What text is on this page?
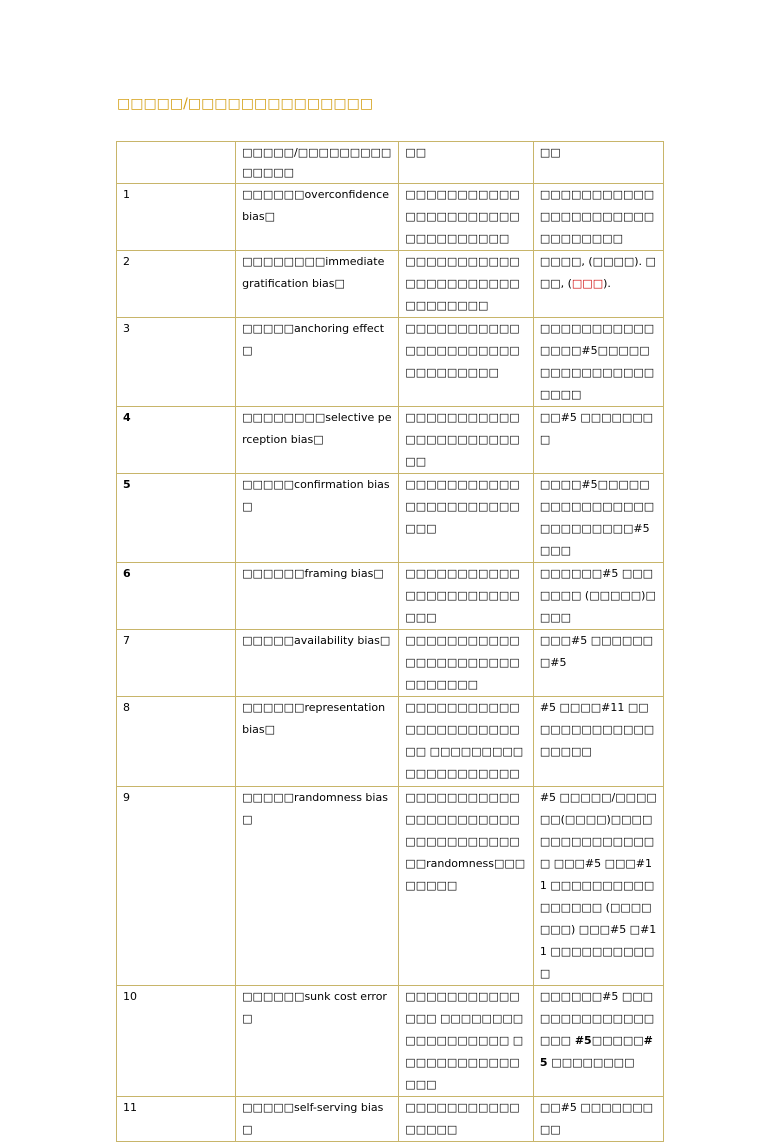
□□□□□/□□□□□□□□□□□□□□
	□□□□□/□□□□□□□□□□□□□□	□□	□□
1	□□□□□□overconfidence bias□	□□□□□□□□□□□□□□□□□□□□□□□□□□□□□□□□	□□□□□□□□□□□□□□□□□□□□□□□□□□□□□□
2	□□□□□□□□immediate gratification bias□	□□□□□□□□□□□□□□□□□□□□□□□□□□□□□□	□□□□, (□□□□). □□□, (□□□).
3	□□□□□anchoring effect□	□□□□□□□□□□□□□□□□□□□□□□□□□□□□□□□	□□□□□□□□□□□□□□□#5□□□□□□□□□□□□□□□□□□□□
4	□□□□□□□□selective perception bias□	□□□□□□□□□□□□□□□□□□□□□□□□	□□#5 □□□□□□□□
5	□□□□□confirmation bias□	□□□□□□□□□□□□□□□□□□□□□□□□□	□□□□#5□□□□□□□□□□□□□□□□□□□□□□□□□#5 □□□
6	□□□□□□framing bias□	□□□□□□□□□□□□□□□□□□□□□□□□□	□□□□□□#5 □□□□□□□ (□□□□□)□□□□
7	□□□□□availability bias□	□□□□□□□□□□□□□□□□□□□□□□□□□□□□□	□□□#5 □□□□□□□#5
8	□□□□□□representation bias□	□□□□□□□□□□□□□□□□□□□□□□□□ □□□□□□□□□□□□□□□□□□□□	#5 □□□□#11 □□□□□□□□□□□□□□□□□□
9	□□□□□randomness bias□	□□□□□□□□□□□□□□□□□□□□□□□□□□□□□□□□□□□randomness□□□□□□□□	#5 □□□□□/□□□□□□(□□□□)□□□□□□□□□□□□□□□□ □□□#5 □□□#11 □□□□□□□□□□□□□□□□ (□□□□□□□) □□□#5 □#11 □□□□□□□□□□□
10	□□□□□□sunk cost error□	□□□□□□□□□□□□□□ □□□□□□□□□□□□□□□□□□ □□□□□□□□□□□□□□□	□□□□□□#5 □□□□□□□□□□□□□□□□□ #5□□□□□#5 □□□□□□□□
11	□□□□□self-serving bias□	□□□□□□□□□□□□□□□□	□□#5 □□□□□□□□□
